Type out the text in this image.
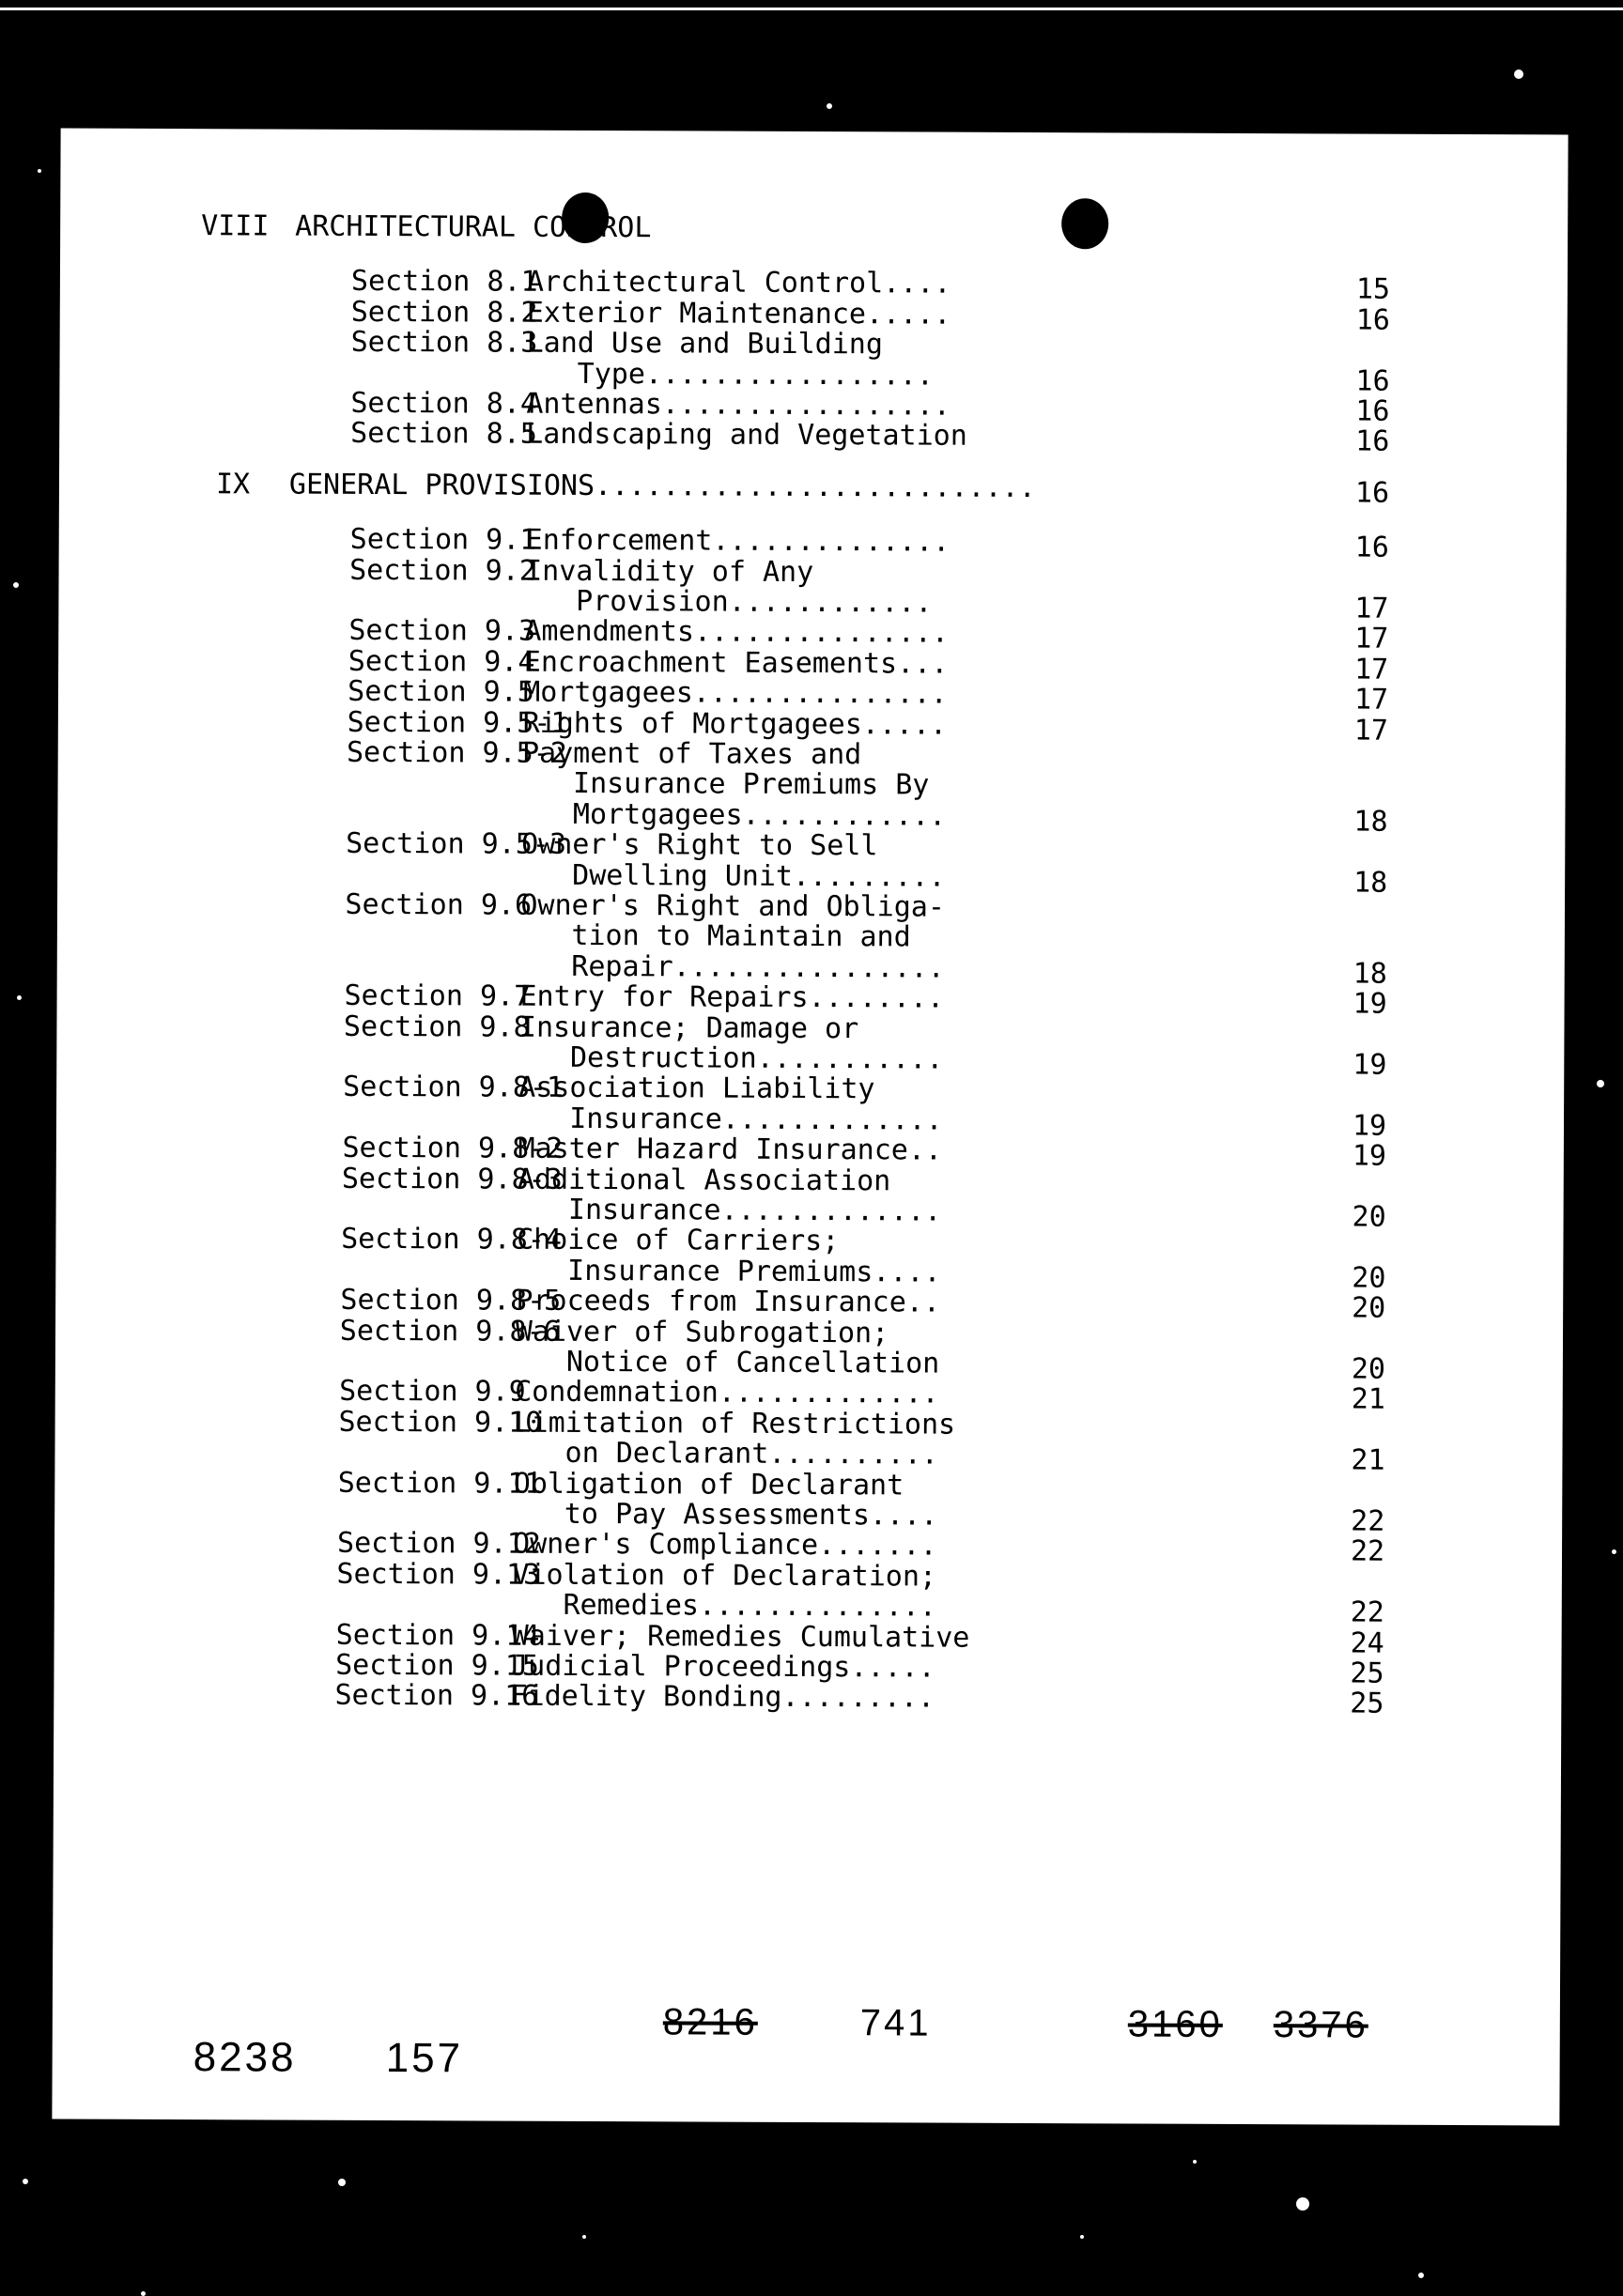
VIII ARCHITECTURAL CONTROL
Section 8.1
Architectural Control....	15
Section 8.2
Exterior Maintenance.....	16
Section 8.3
Land Use and Building
Type.................	16
Section 8.4
Antennas.................	16
Section 8.5
Landscaping and Vegetation	16
IX GENERAL PROVISIONS..........................	16
Section 9.1
Enforcement..............	16
Section 9.2
Invalidity of Any
Provision............	17
Section 9.3
Amendments...............	17
Section 9.4
Encroachment Easements...	17
Section 9.5
Mortgagees...............	17
Section 9.5-1
Rights of Mortgagees.....	17
Section 9.5-2
Payment of Taxes and
Insurance Premiums By
Mortgagees............	18
Section 9.5-3
Owner's Right to Sell
Dwelling Unit.........	18
Section 9.6
Owner's Right and Obliga-
tion to Maintain and
Repair................	18
Section 9.7
Entry for Repairs........	19
Section 9.8
Insurance; Damage or
Destruction...........	19
Section 9.8-1
Association Liability
Insurance.............	19
Section 9.8-2
Master Hazard Insurance..	19
Section 9.8-3
Additional Association
Insurance.............	20
Section 9.8-4
Choice of Carriers;
Insurance Premiums....	20
Section 9.8-5
Proceeds from Insurance..	20
Section 9.8-6
Waiver of Subrogation;
Notice of Cancellation	20
Section 9.9
Condemnation.............	21
Section 9.10
Limitation of Restrictions
on Declarant..........	21
Section 9.11
Obligation of Declarant
to Pay Assessments....	22
Section 9.12
Owner's Compliance.......	22
Section 9.13
Violation of Declaration;
Remedies..............	22
Section 9.14
Waiver; Remedies Cumulative	24
Section 9.15
Judicial Proceedings.....	25
Section 9.16
Fidelity Bonding.........	25
8238 157
8216	741	3160 3376
